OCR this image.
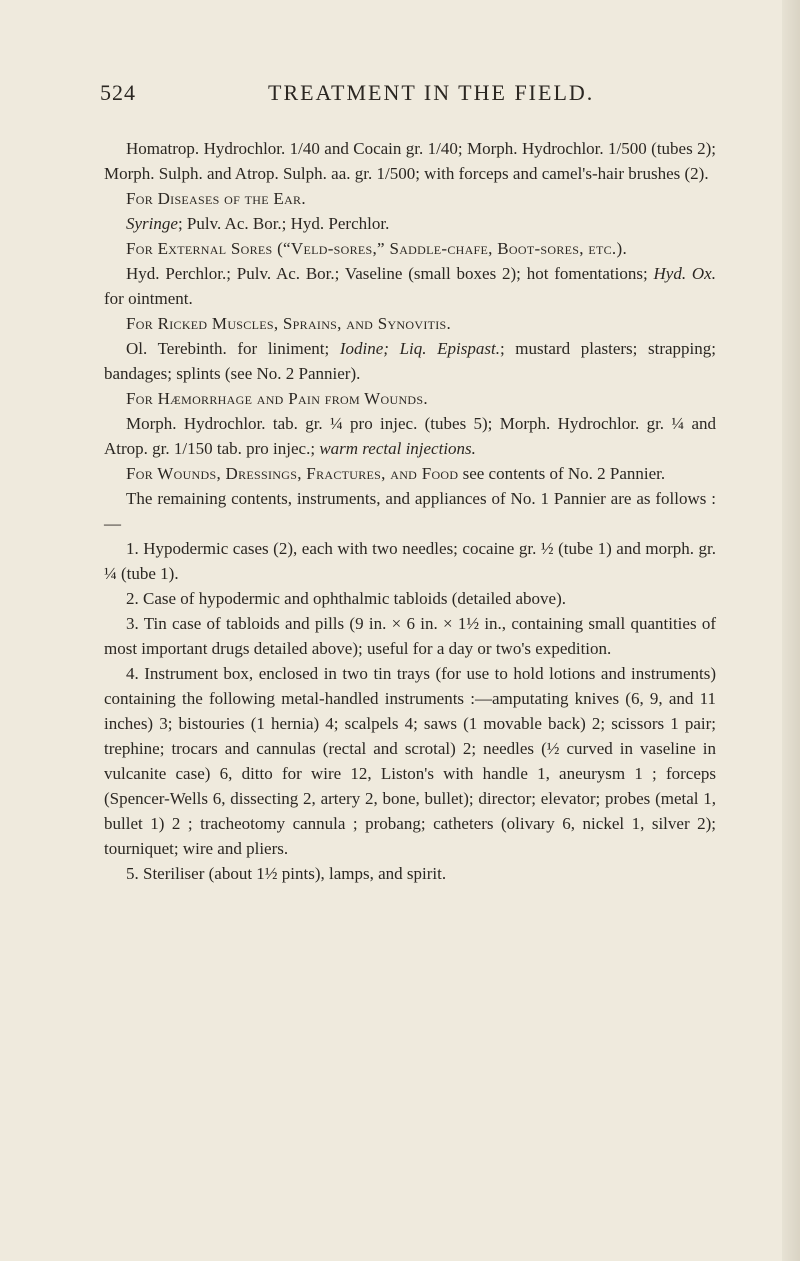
524	TREATMENT IN THE FIELD.

Homatrop. Hydrochlor. 1/40 and Cocain gr. 1/40; Morph. Hydrochlor. 1/500 (tubes 2); Morph. Sulph. and Atrop. Sulph. aa. gr. 1/500; with forceps and camel's-hair brushes (2).

For Diseases of the Ear.

Syringe; Pulv. Ac. Bor.; Hyd. Perchlor.

For External Sores (“Veld-sores,” Saddle-chafe, Boot-sores, etc.).

Hyd. Perchlor.; Pulv. Ac. Bor.; Vaseline (small boxes 2); hot fomentations; Hyd. Ox. for ointment.

For Ricked Muscles, Sprains, and Synovitis.

Ol. Terebinth. for liniment; Iodine; Liq. Epispast.; mustard plasters; strapping; bandages; splints (see No. 2 Pannier).

For Hæmorrhage and Pain from Wounds.

Morph. Hydrochlor. tab. gr. ¼ pro injec. (tubes 5); Morph. Hydrochlor. gr. ¼ and Atrop. gr. 1/150 tab. pro injec.; warm rectal injections.

For Wounds, Dressings, Fractures, and Food see contents of No. 2 Pannier.

The remaining contents, instruments, and appliances of No. 1 Pannier are as follows :—

1. Hypodermic cases (2), each with two needles; cocaine gr. ½ (tube 1) and morph. gr. ¼ (tube 1).

2. Case of hypodermic and ophthalmic tabloids (detailed above).

3. Tin case of tabloids and pills (9 in. × 6 in. × 1½ in., containing small quantities of most important drugs detailed above); useful for a day or two's expedition.

4. Instrument box, enclosed in two tin trays (for use to hold lotions and instruments) containing the following metal-handled instruments :—amputating knives (6, 9, and 11 inches) 3; bistouries (1 hernia) 4; scalpels 4; saws (1 movable back) 2; scissors 1 pair; trephine; trocars and cannulas (rectal and scrotal) 2; needles (½ curved in vaseline in vulcanite case) 6, ditto for wire 12, Liston's with handle 1, aneurysm 1 ; forceps (Spencer-Wells 6, dissecting 2, artery 2, bone, bullet); director; elevator; probes (metal 1, bullet 1) 2 ; tracheotomy cannula ; probang; catheters (olivary 6, nickel 1, silver 2); tourniquet; wire and pliers.

5. Steriliser (about 1½ pints), lamps, and spirit.
